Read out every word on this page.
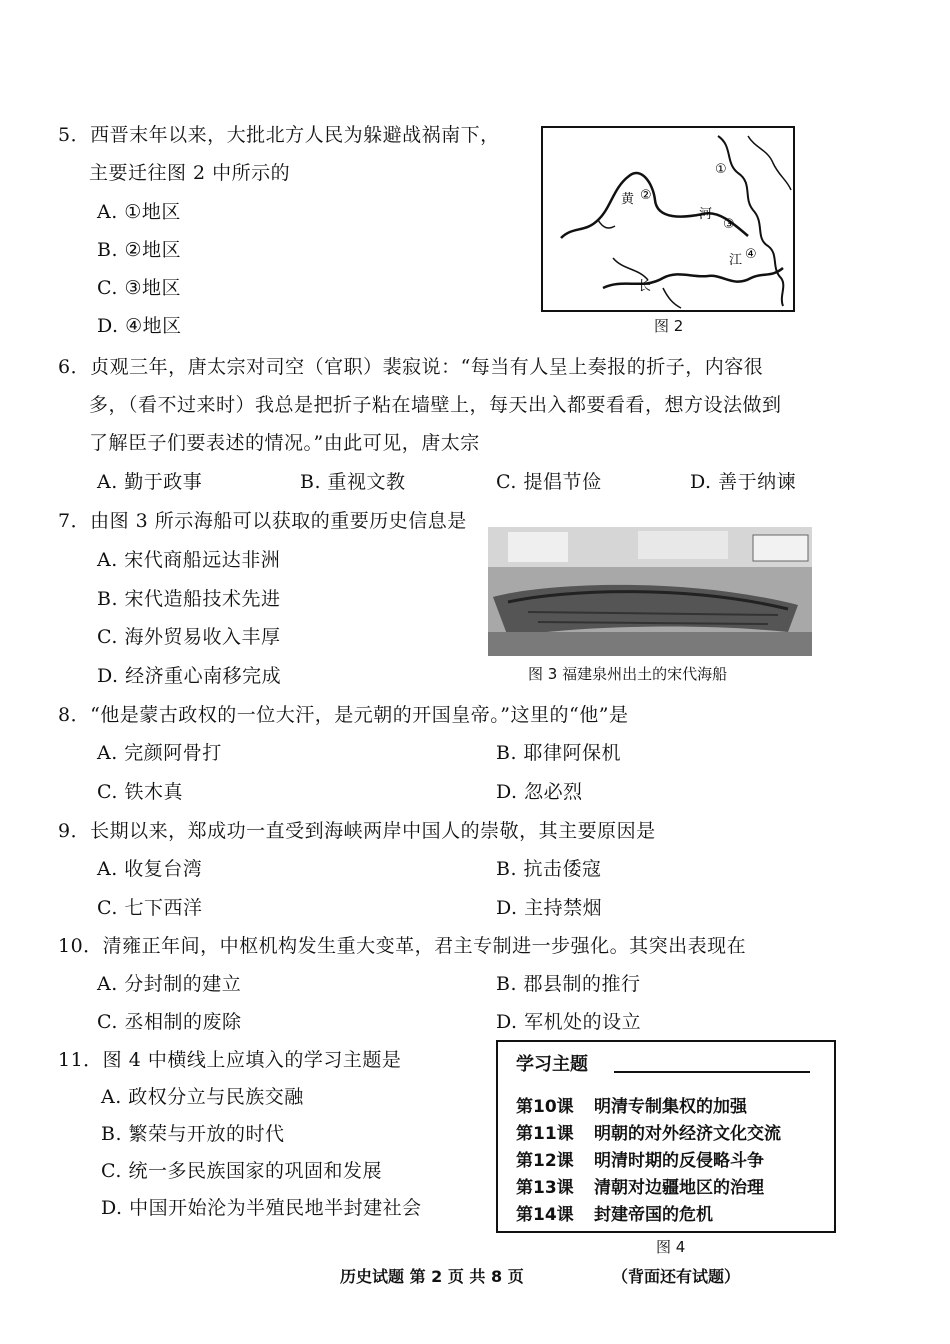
5．西晋末年以来，大批北方人民为躲避战祸南下，
主要迁往图 2 中所示的
A. ①地区
B. ②地区
C. ③地区
D. ④地区
①
②
③
④
黄
河
江
长
图 2
6．贞观三年，唐太宗对司空（官职）裴寂说：“每当有人呈上奏报的折子，内容很
多，（看不过来时）我总是把折子粘在墙壁上，每天出入都要看看，想方设法做到
了解臣子们要表述的情况。”由此可见，唐太宗
A. 勤于政事	B. 重视文教	C. 提倡节俭	D. 善于纳谏
7．由图 3 所示海船可以获取的重要历史信息是
A. 宋代商船远达非洲
B. 宋代造船技术先进
C. 海外贸易收入丰厚
D. 经济重心南移完成	图 3 福建泉州出土的宋代海船
8．“他是蒙古政权的一位大汗，是元朝的开国皇帝。”这里的“他”是
A. 完颜阿骨打	B. 耶律阿保机
C. 铁木真	D. 忽必烈
9．长期以来，郑成功一直受到海峡两岸中国人的崇敬，其主要原因是
A. 收复台湾	B. 抗击倭寇
C. 七下西洋	D. 主持禁烟
10．清雍正年间，中枢机构发生重大变革，君主专制进一步强化。其突出表现在
A. 分封制的建立	B. 郡县制的推行
C. 丞相制的废除	D. 军机处的设立
11．图 4 中横线上应填入的学习主题是
A. 政权分立与民族交融
B. 繁荣与开放的时代
C. 统一多民族国家的巩固和发展
D. 中国开始沦为半殖民地半封建社会
学习主题
第10课 明清专制集权的加强
第11课 明朝的对外经济文化交流
第12课 明清时期的反侵略斗争
第13课 清朝对边疆地区的治理
第14课 封建帝国的危机
图 4
历史试题 第 2 页 共 8 页	（背面还有试题）
